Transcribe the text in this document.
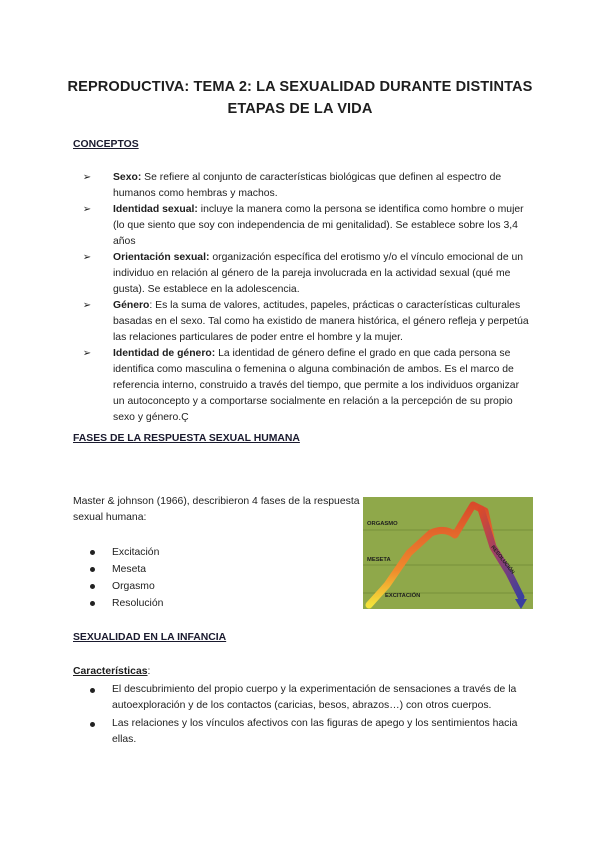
REPRODUCTIVA: TEMA 2: LA SEXUALIDAD DURANTE DISTINTAS
ETAPAS DE LA VIDA
CONCEPTOS
➢	Sexo: Se refiere al conjunto de características biológicas que definen al espectro de humanos como hembras y machos.
➢	Identidad sexual: incluye la manera como la persona se identifica como hombre o mujer (lo que siento que soy con independencia de mi genitalidad). Se establece sobre los 3,4 años
➢	Orientación sexual: organización específica del erotismo y/o el vínculo emocional de un individuo en relación al género de la pareja involucrada en la actividad sexual (qué me gusta). Se establece en la adolescencia.
➢	Género: Es la suma de valores, actitudes, papeles, prácticas o características culturales basadas en el sexo. Tal como ha existido de manera histórica, el género refleja y perpetúa las relaciones particulares de poder entre el hombre y la mujer.
➢	Identidad de género: La identidad de género define el grado en que cada persona se identifica como masculina o femenina o alguna combinación de ambos. Es el marco de referencia interno, construido a través del tiempo, que permite a los individuos organizar un autoconcepto y a comportarse socialmente en relación a la percepción de su propio sexo y género.Ç
FASES DE LA RESPUESTA SEXUAL HUMANA
Master & johnson (1966), describieron 4 fases de la respuesta sexual humana:
Excitación
Meseta
Orgasmo
Resolución
ORGASMO
MESETA
EXCITACIÓN
RESOLUCIÓN
SEXUALIDAD EN LA INFANCIA
Características:
El descubrimiento del propio cuerpo y la experimentación de sensaciones a través de la autoexploración y de los contactos (caricias, besos, abrazos…) con otros cuerpos.
Las relaciones y los vínculos afectivos con las figuras de apego y los sentimientos hacia ellas.
